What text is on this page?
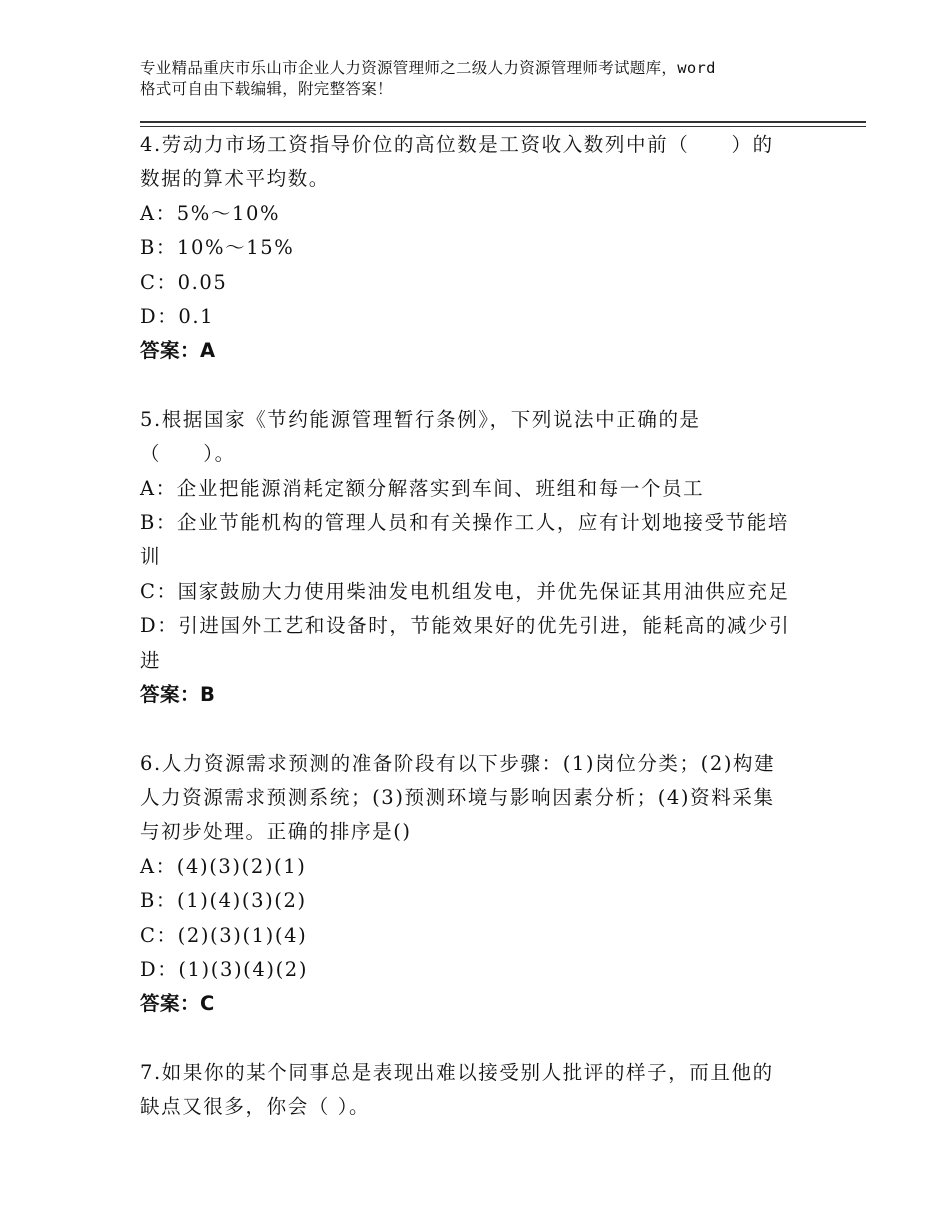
专业精品重庆市乐山市企业人力资源管理师之二级人力资源管理师考试题库，word
格式可自由下载编辑，附完整答案！
4.劳动力市场工资指导价位的高位数是工资收入数列中前（　　）的
数据的算术平均数。
A：5%～10%
B：10%～15%
C：0.05
D：0.1
答案：A
5.根据国家《节约能源管理暂行条例》，下列说法中正确的是
（　　）。
A：企业把能源消耗定额分解落实到车间、班组和每一个员工
B：企业节能机构的管理人员和有关操作工人，应有计划地接受节能培
训
C：国家鼓励大力使用柴油发电机组发电，并优先保证其用油供应充足
D：引进国外工艺和设备时，节能效果好的优先引进，能耗高的减少引
进
答案：B
6.人力资源需求预测的准备阶段有以下步骤：(1)岗位分类；(2)构建
人力资源需求预测系统；(3)预测环境与影响因素分析；(4)资料采集
与初步处理。正确的排序是()
A：(4)(3)(2)(1)
B：(1)(4)(3)(2)
C：(2)(3)(1)(4)
D：(1)(3)(4)(2)
答案：C
7.如果你的某个同事总是表现出难以接受别人批评的样子，而且他的
缺点又很多，你会（ ）。
